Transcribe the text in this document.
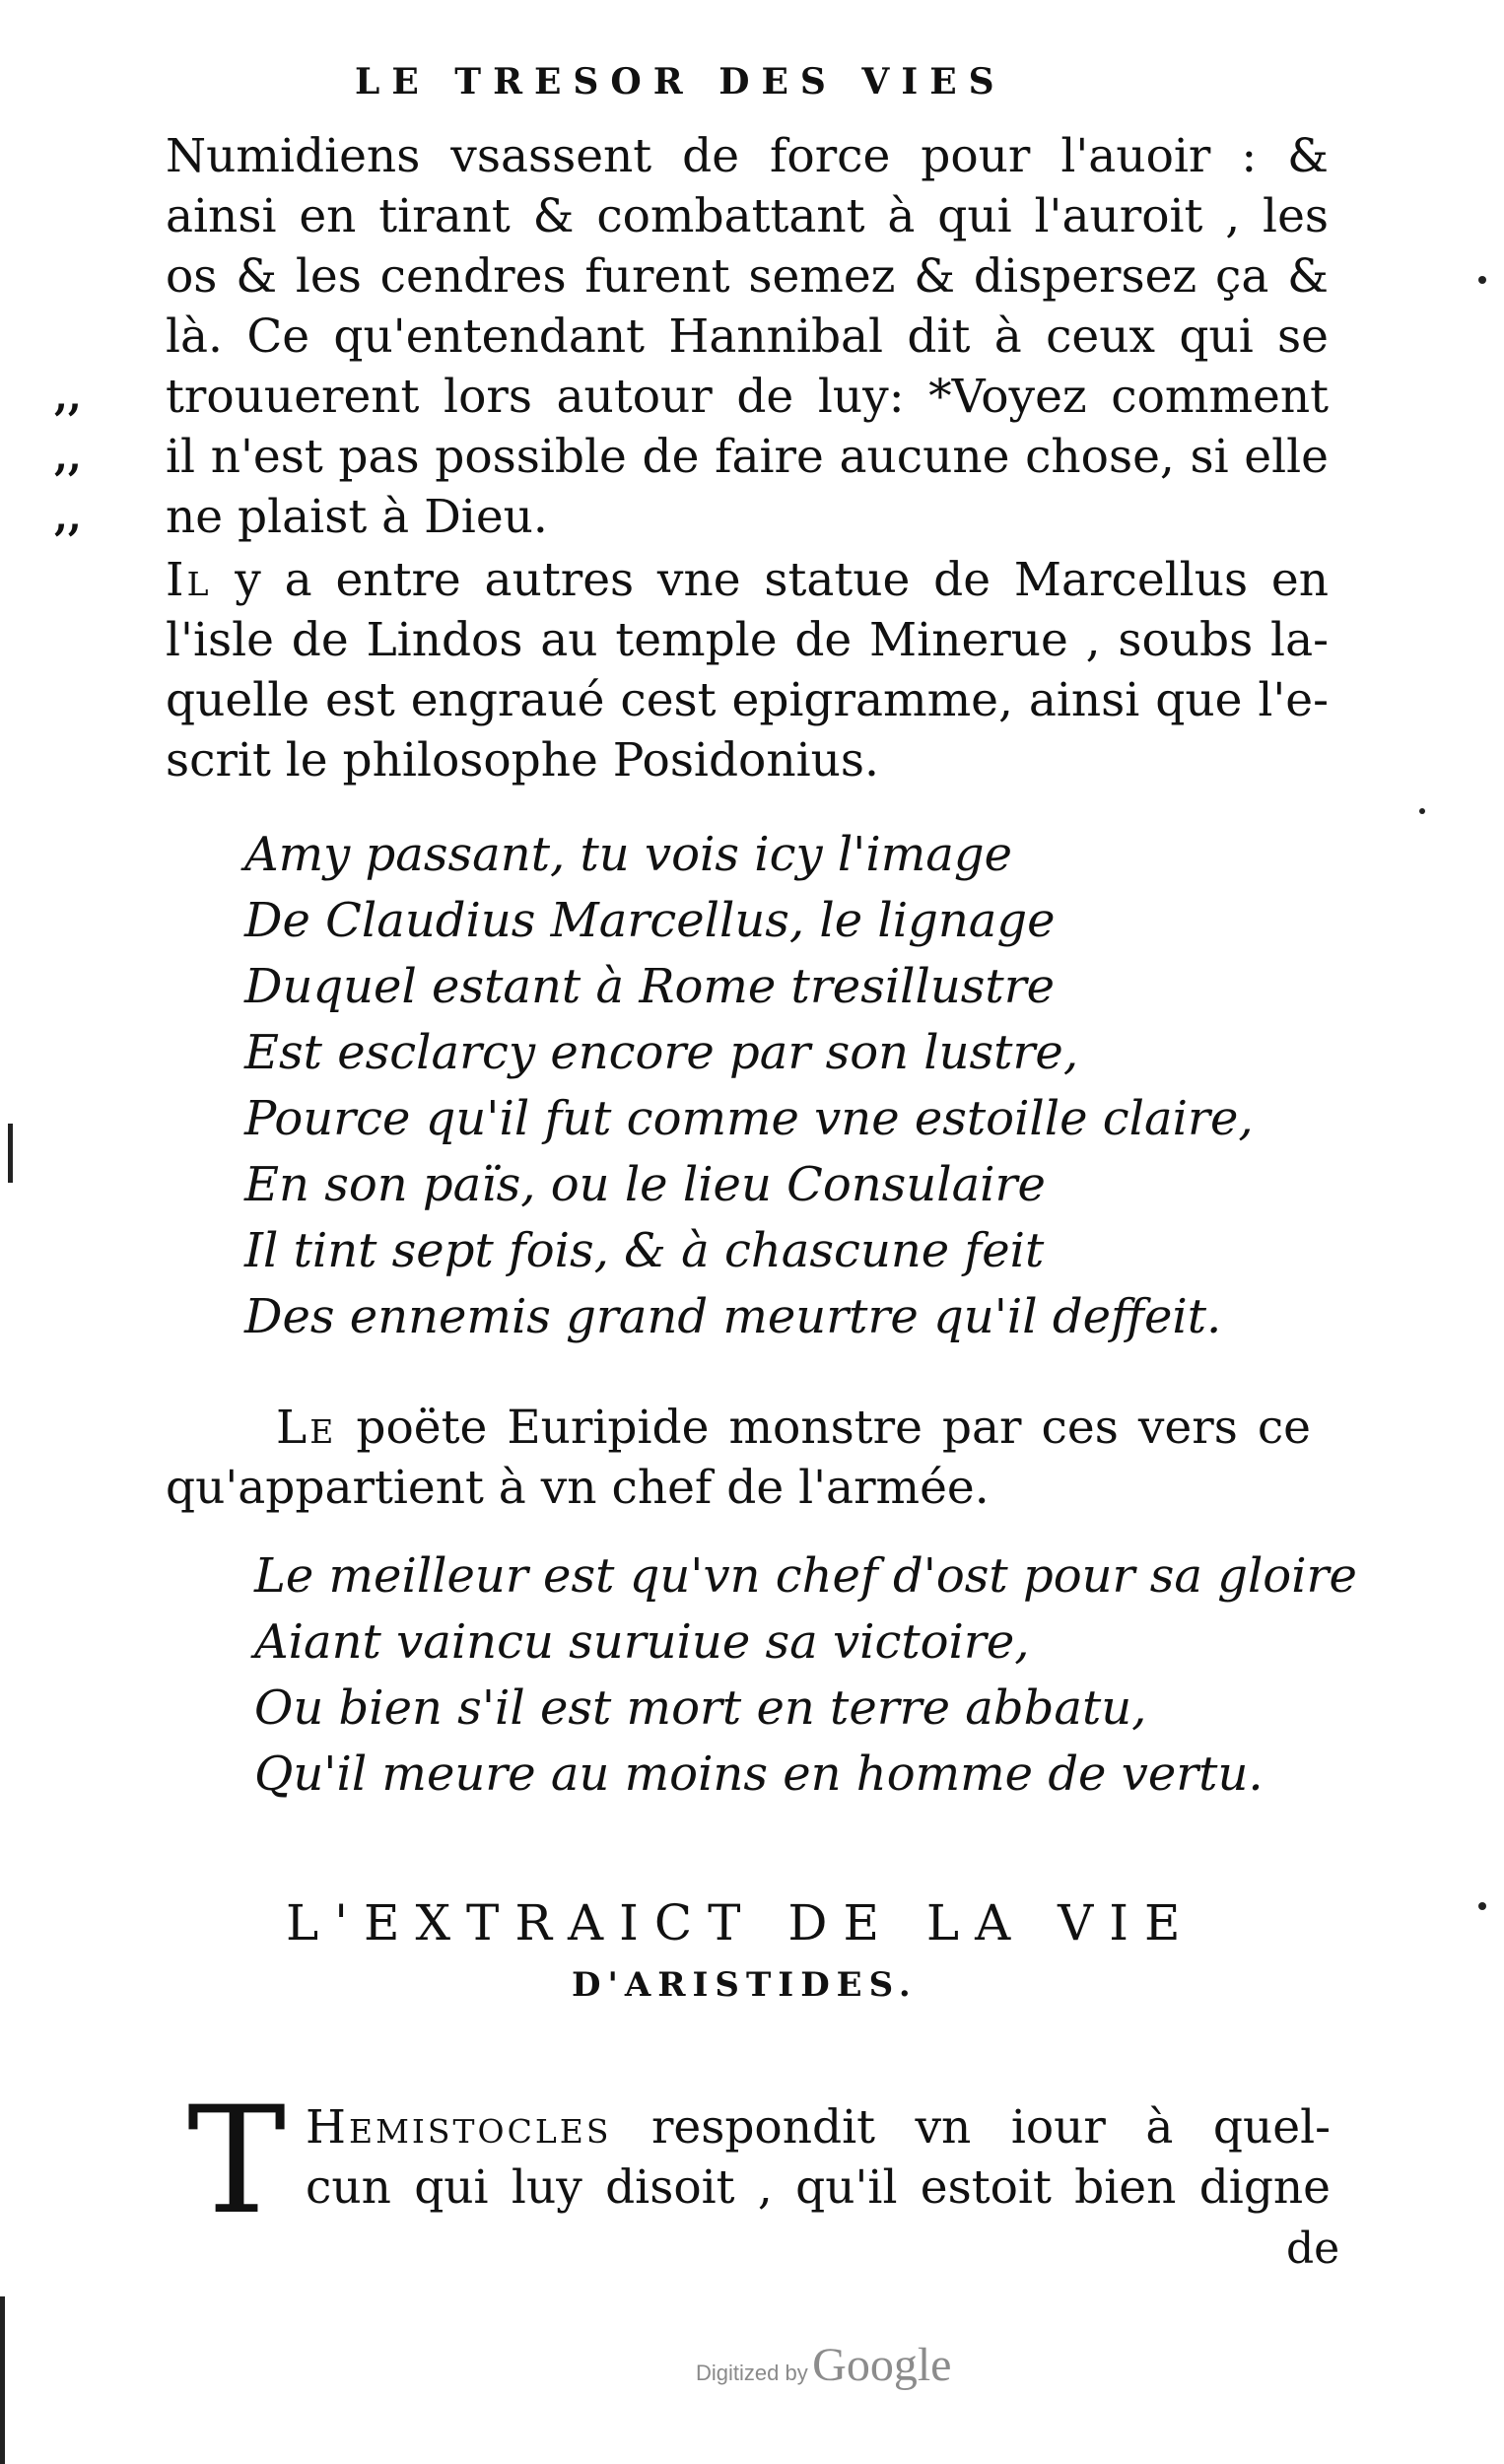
LE TRESOR DES VIES
Numidiens vsassent de force pour l'auoir : &
ainsi en tirant & combattant à qui l'auroit , les
os & les cendres furent semez & dispersez ça &
là. Ce qu'entendant Hannibal dit à ceux qui se
trouuerent lors autour de luy: *Voyez comment
il n'est pas possible de faire aucune chose, si elle
ne plaist à Dieu.
,,
,,
,,
Il y a entre autres vne statue de Marcellus en
l'isle de Lindos au temple de Minerue , soubs la-
quelle est engraué cest epigramme, ainsi que l'e-
scrit le philosophe Posidonius.
Amy passant, tu vois icy l'image
De Claudius Marcellus, le lignage
Duquel estant à Rome tresillustre
Est esclarcy encore par son lustre,
Pource qu'il fut comme vne estoille claire,
En son païs, ou le lieu Consulaire
Il tint sept fois, & à chascune feit
Des ennemis grand meurtre qu'il deffeit.
Le poëte Euripide monstre par ces vers ce
qu'appartient à vn chef de l'armée.
Le meilleur est qu'vn chef d'ost pour sa gloire
Aiant vaincu suruiue sa victoire,
Ou bien s'il est mort en terre abbatu,
Qu'il meure au moins en homme de vertu.
L'EXTRAICT DE LA VIE
D'ARISTIDES.
T Hemistocles respondit vn iour à quel-
cun qui luy disoit , qu'il estoit bien digne
de
Digitized by Google
